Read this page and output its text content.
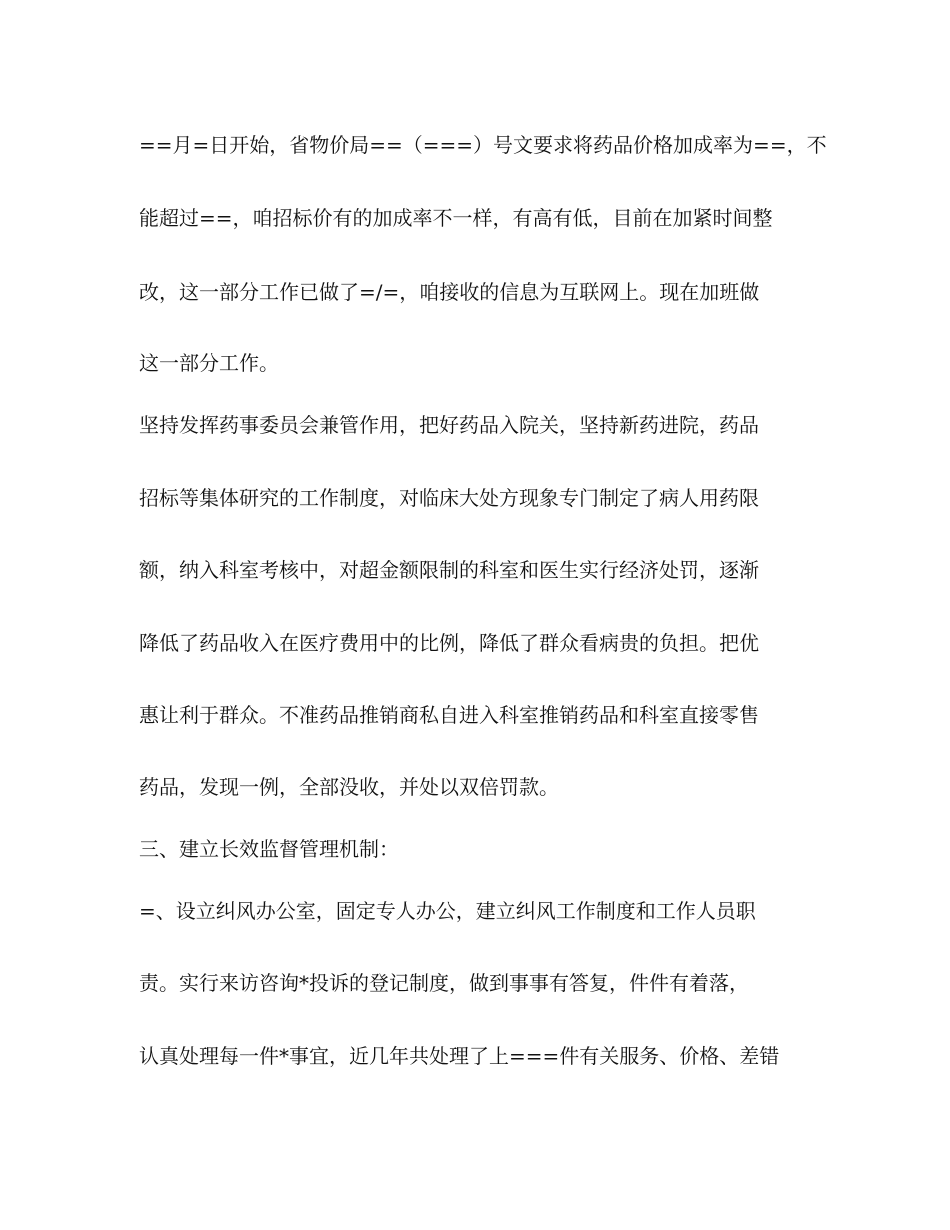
==月=日开始，省物价局==（===）号文要求将药品价格加成率为==，不
能超过==，咱招标价有的加成率不一样，有高有低，目前在加紧时间整
改，这一部分工作已做了=/=，咱接收的信息为互联网上。现在加班做
这一部分工作。
坚持发挥药事委员会兼管作用，把好药品入院关，坚持新药进院，药品
招标等集体研究的工作制度，对临床大处方现象专门制定了病人用药限
额，纳入科室考核中，对超金额限制的科室和医生实行经济处罚，逐渐
降低了药品收入在医疗费用中的比例，降低了群众看病贵的负担。把优
惠让利于群众。不准药品推销商私自进入科室推销药品和科室直接零售
药品，发现一例，全部没收，并处以双倍罚款。
三、建立长效监督管理机制：
=、设立纠风办公室，固定专人办公，建立纠风工作制度和工作人员职
责。实行来访咨询*投诉的登记制度，做到事事有答复，件件有着落，
认真处理每一件*事宜，近几年共处理了上===件有关服务、价格、差错
